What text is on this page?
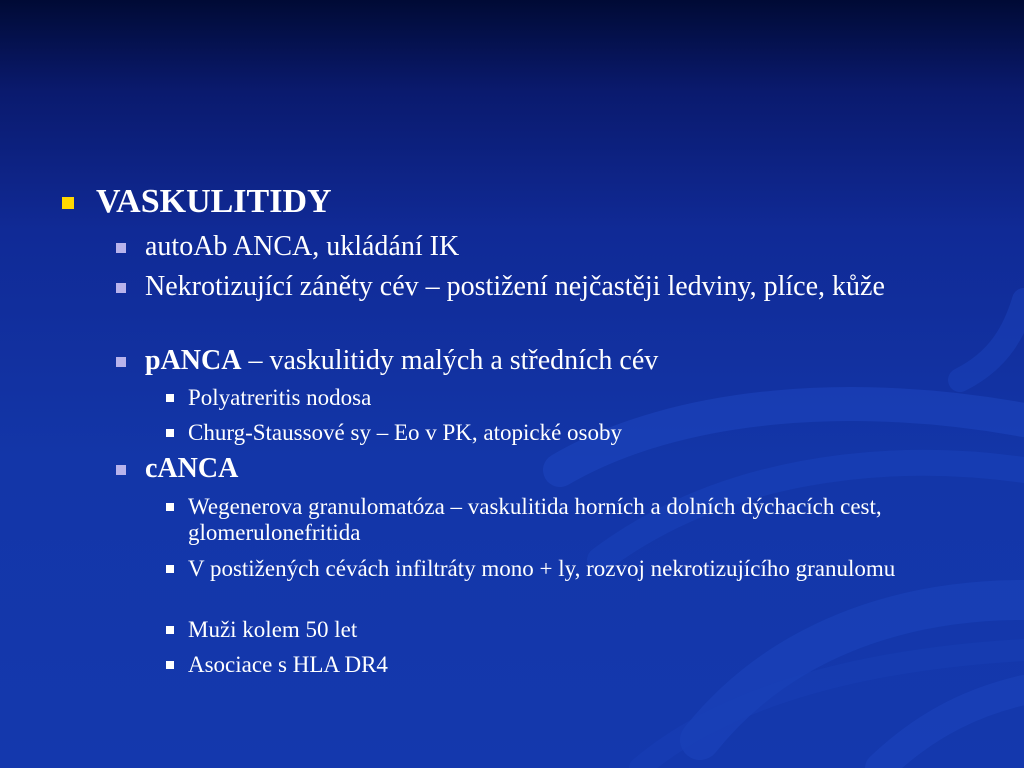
VASKULITIDY
autoAb ANCA, ukládání IK
Nekrotizující záněty cév – postižení nejčastěji ledviny, plíce, kůže
pANCA – vaskulitidy malých a středních cév
Polyatreritis nodosa
Churg-Staussové sy – Eo v PK, atopické osoby
cANCA
Wegenerova granulomatóza – vaskulitida horních a dolních dýchacích cest, glomerulonefritida
V postižených cévách infiltráty mono + ly, rozvoj nekrotizujícího granulomu
Muži kolem 50 let
Asociace s HLA DR4
